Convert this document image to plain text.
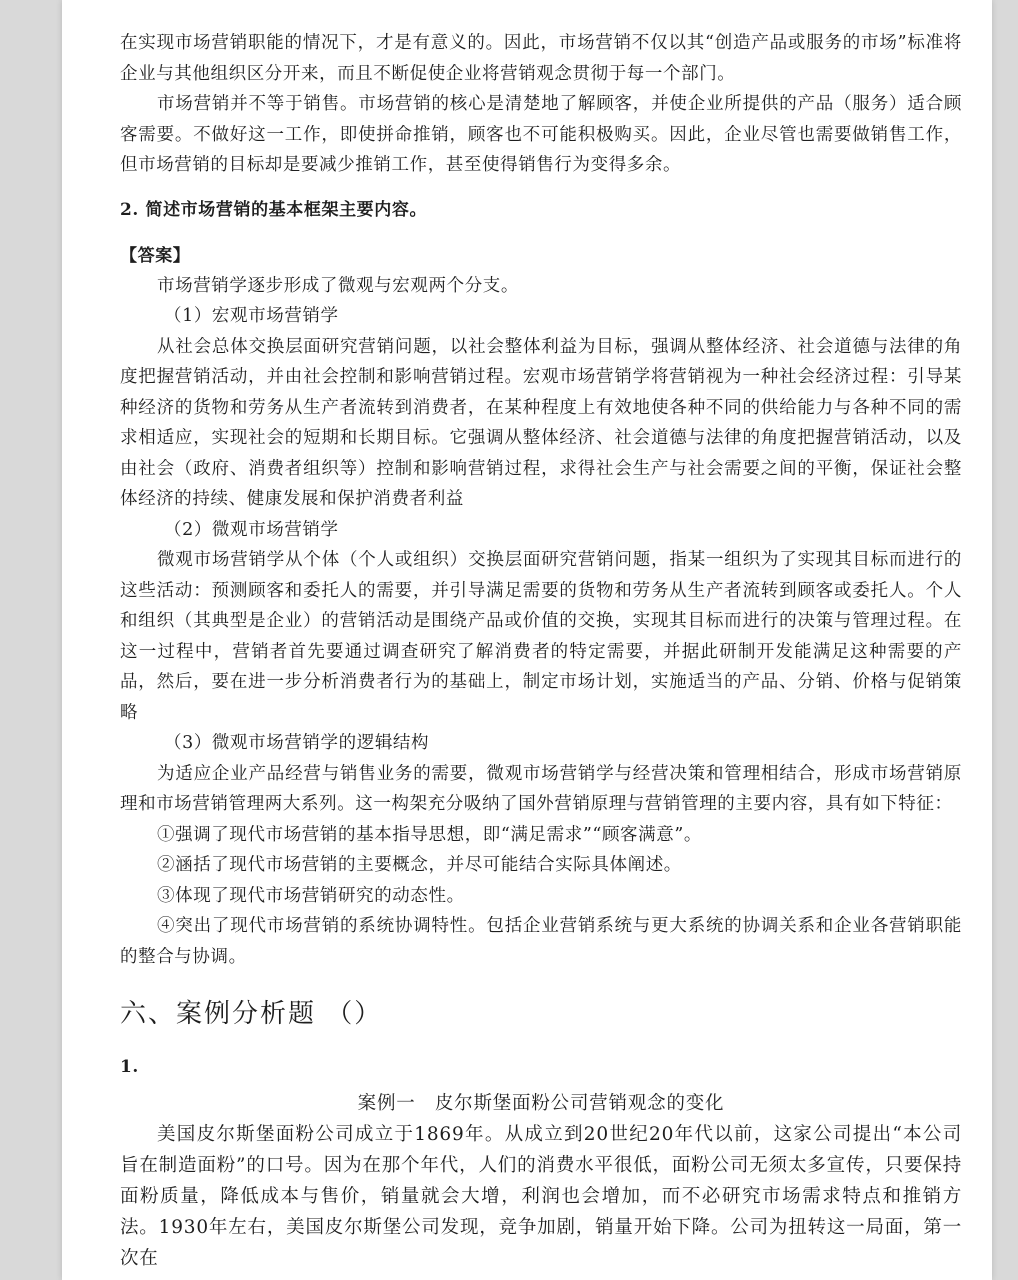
在实现市场营销职能的情况下，才是有意义的。因此，市场营销不仅以其“创造产品或服务的市场”标准将企业与其他组织区分开来，而且不断促使企业将营销观念贯彻于每一个部门。

市场营销并不等于销售。市场营销的核心是清楚地了解顾客，并使企业所提供的产品（服务）适合顾客需要。不做好这一工作，即使拼命推销，顾客也不可能积极购买。因此，企业尽管也需要做销售工作，但市场营销的目标却是要减少推销工作，甚至使得销售行为变得多余。

2. 简述市场营销的基本框架主要内容。

【答案】

市场营销学逐步形成了微观与宏观两个分支。

（1）宏观市场营销学

从社会总体交换层面研究营销问题，以社会整体利益为目标，强调从整体经济、社会道德与法律的角度把握营销活动，并由社会控制和影响营销过程。宏观市场营销学将营销视为一种社会经济过程：引导某种经济的货物和劳务从生产者流转到消费者，在某种程度上有效地使各种不同的供给能力与各种不同的需求相适应，实现社会的短期和长期目标。它强调从整体经济、社会道德与法律的角度把握营销活动，以及由社会（政府、消费者组织等）控制和影响营销过程，求得社会生产与社会需要之间的平衡，保证社会整体经济的持续、健康发展和保护消费者利益

（2）微观市场营销学

微观市场营销学从个体（个人或组织）交换层面研究营销问题，指某一组织为了实现其目标而进行的这些活动：预测顾客和委托人的需要，并引导满足需要的货物和劳务从生产者流转到顾客或委托人。个人和组织（其典型是企业）的营销活动是围绕产品或价值的交换，实现其目标而进行的决策与管理过程。在这一过程中，营销者首先要通过调查研究了解消费者的特定需要，并据此研制开发能满足这种需要的产品，然后，要在进一步分析消费者行为的基础上，制定市场计划，实施适当的产品、分销、价格与促销策略

（3）微观市场营销学的逻辑结构

为适应企业产品经营与销售业务的需要，微观市场营销学与经营决策和管理相结合，形成市场营销原理和市场营销管理两大系列。这一构架充分吸纳了国外营销原理与营销管理的主要内容，具有如下特征：

①强调了现代市场营销的基本指导思想，即“满足需求”“顾客满意”。

②涵括了现代市场营销的主要概念，并尽可能结合实际具体阐述。

③体现了现代市场营销研究的动态性。

④突出了现代市场营销的系统协调特性。包括企业营销系统与更大系统的协调关系和企业各营销职能的整合与协调。

六、案例分析题 （）

1.

案例一　皮尔斯堡面粉公司营销观念的变化

美国皮尔斯堡面粉公司成立于1869年。从成立到20世纪20年代以前，这家公司提出“本公司旨在制造面粉”的口号。因为在那个年代，人们的消费水平很低，面粉公司无须太多宣传，只要保持面粉质量，降低成本与售价，销量就会大增，利润也会增加，而不必研究市场需求特点和推销方法。1930年左右，美国皮尔斯堡公司发现，竞争加剧，销量开始下降。公司为扭转这一局面，第一次在
